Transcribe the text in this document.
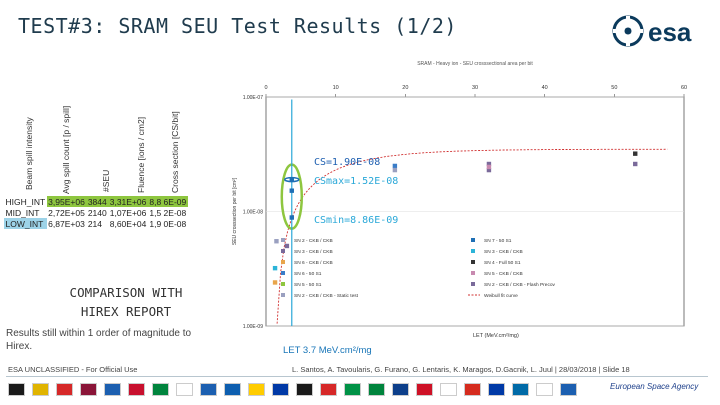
TEST#3: SRAM SEU Test Results (1/2)	esa
Beam spill intensity	Avg spill count [p / spill]	#SEU	Fluence [ions / cm2]	Cross section [CS/bit]
HIGH_INT	3,95E+06	3844	3,31E+06	8,8 6E-09
MID_INT	2,72E+05	2140	1,07E+06	1,5 2E-08
LOW_INT	6,87E+03	214	8,60E+04	1,9 0E-08
SRAM - Heavy ion - SEU crosssectional area per bit
0	10	20	30	40	50	60
1.00E-07
1.00E-08
1.00E-09
SEU crosssection per bit [cm²]
LET (MeV.cm²/mg)
SN 2 - CKB / CKB	SN 7 - 50 S1
SN 3 - CKB / CKB	SN 3 - CKB / CKB
SN 6 - CKB / CKB	SN 4 - Full 50 S1
SN 6 - 50 S1	SN 5 - CKB / CKB
SN 5 - 50 S1	SN 2 - CKB / CKB - Flash Precov
SN 2 - CKB / CKB - Static test	Weibull fit curve
CS=1.90E-08
CSmax=1.52E-08
CSmin=8.86E-09
COMPARISON WITH
HIREX REPORT
Results still within 1 order of magnitude to Hirex.	LET 3.7 MeV.cm²/mg
ESA UNCLASSIFIED - For Official Use	L. Santos, A. Tavoularis, G. Furano, G. Lentaris, K. Maragos, D.Gacnik, L. Juul | 28/03/2018 | Slide 18
European Space Agency
